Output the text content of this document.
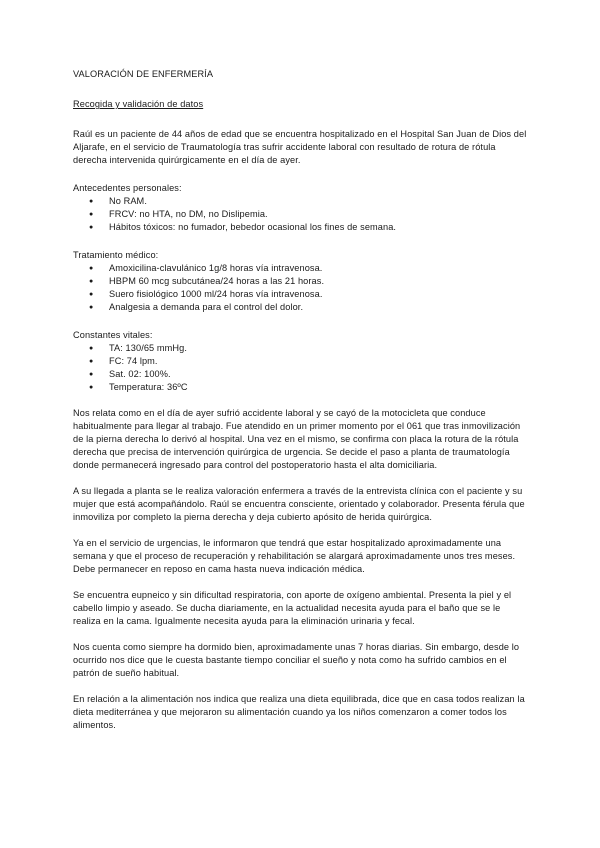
VALORACIÓN DE ENFERMERÍA

Recogida y validación de datos

Raúl es un paciente de 44 años de edad que se encuentra hospitalizado en el Hospital San Juan de Dios del Aljarafe, en el servicio de Traumatología tras sufrir accidente laboral con resultado de rotura de rótula derecha intervenida quirúrgicamente en el día de ayer.

Antecedentes personales:

● No RAM.
● FRCV: no HTA, no DM, no Dislipemia.
● Hábitos tóxicos: no fumador, bebedor ocasional los fines de semana.

Tratamiento médico:

● Amoxicilina-clavulánico 1g/8 horas vía intravenosa.
● HBPM 60 mcg subcutánea/24 horas a las 21 horas.
● Suero fisiológico 1000 ml/24 horas vía intravenosa.
● Analgesia a demanda para el control del dolor.

Constantes vitales:

● TA: 130/65 mmHg.
● FC: 74 lpm.
● Sat. 02: 100%.
● Temperatura: 36ºC

Nos relata como en el día de ayer sufrió accidente laboral y se cayó de la motocicleta que conduce habitualmente para llegar al trabajo. Fue atendido en un primer momento por el 061 que tras inmovilización de la pierna derecha lo derivó al hospital. Una vez en el mismo, se confirma con placa la rotura de la rótula derecha que precisa de intervención quirúrgica de urgencia. Se decide el paso a planta de traumatología donde permanecerá ingresado para control del postoperatorio hasta el alta domiciliaria.

A su llegada a planta se le realiza valoración enfermera a través de la entrevista clínica con el paciente y su mujer que está acompañándolo. Raúl se encuentra consciente, orientado y colaborador. Presenta férula que inmoviliza por completo la pierna derecha y deja cubierto apósito de herida quirúrgica.

Ya en el servicio de urgencias, le informaron que tendrá que estar hospitalizado aproximadamente una semana y que el proceso de recuperación y rehabilitación se alargará aproximadamente unos tres meses. Debe permanecer en reposo en cama hasta nueva indicación médica.

Se encuentra eupneico y sin dificultad respiratoria, con aporte de oxígeno ambiental. Presenta la piel y el cabello limpio y aseado. Se ducha diariamente, en la actualidad necesita ayuda para el baño que se le realiza en la cama. Igualmente necesita ayuda para la eliminación urinaria y fecal.

Nos cuenta como siempre ha dormido bien, aproximadamente unas 7 horas diarias. Sin embargo, desde lo ocurrido nos dice que le cuesta bastante tiempo conciliar el sueño y nota como ha sufrido cambios en el patrón de sueño habitual.

En relación a la alimentación nos indica que realiza una dieta equilibrada, dice que en casa todos realizan la dieta mediterránea y que mejoraron su alimentación cuando ya los niños comenzaron a comer todos los alimentos.
